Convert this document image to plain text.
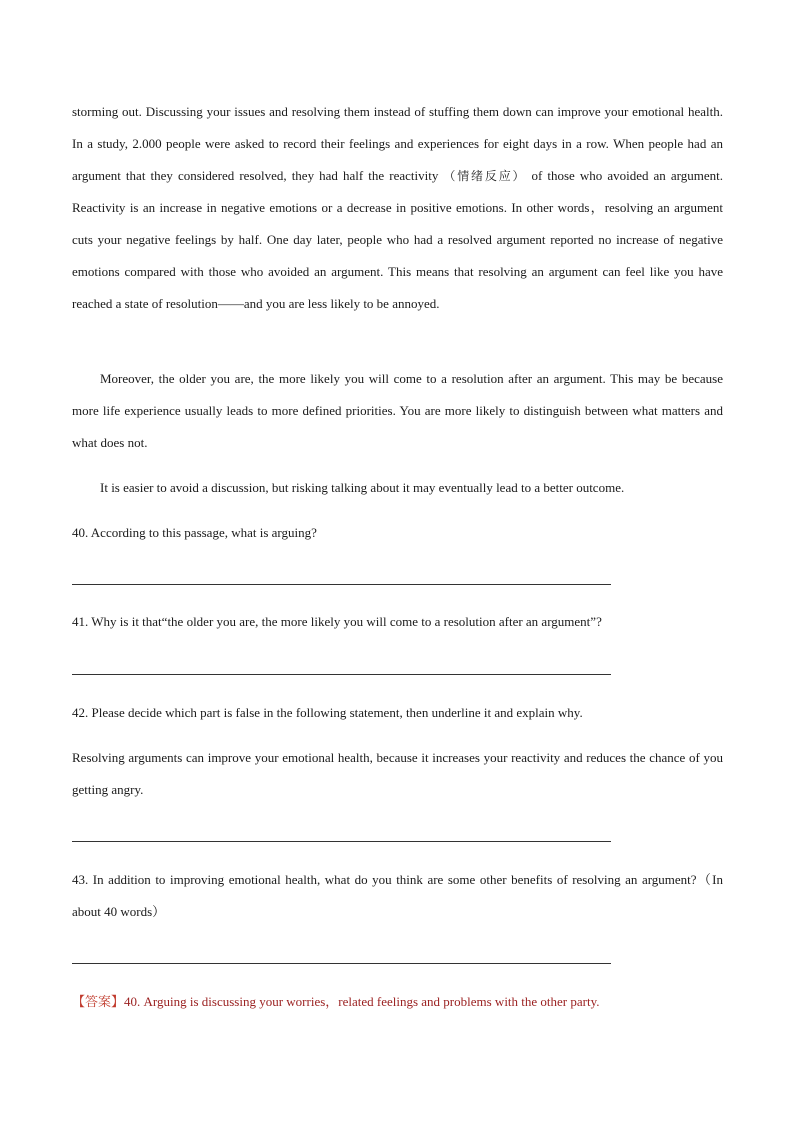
storming out. Discussing your issues and resolving them instead of stuffing them down can improve your emotional health. In a study, 2.000 people were asked to record their feelings and experiences for eight days in a row. When people had an argument that they considered resolved, they had half the reactivity （情绪反应） of those who avoided an argument. Reactivity is an increase in negative emotions or a decrease in positive emotions. In other words，resolving an argument cuts your negative feelings by half. One day later, people who had a resolved argument reported no increase of negative emotions compared with those who avoided an argument. This means that resolving an argument can feel like you have reached a state of resolution——and you are less likely to be annoyed.

Moreover, the older you are, the more likely you will come to a resolution after an argument. This may be because more life experience usually leads to more defined priorities. You are more likely to distinguish between what matters and what does not.

It is easier to avoid a discussion, but risking talking about it may eventually lead to a better outcome.

40. According to this passage, what is arguing?

41. Why is it that“the older you are, the more likely you will come to a resolution after an argument”?

42. Please decide which part is false in the following statement, then underline it and explain why.

Resolving arguments can improve your emotional health, because it increases your reactivity and reduces the chance of you getting angry.

43. In addition to improving emotional health, what do you think are some other benefits of resolving an argument?（In about 40 words）

【答案】40. Arguing is discussing your worries，related feelings and problems with the other party.
